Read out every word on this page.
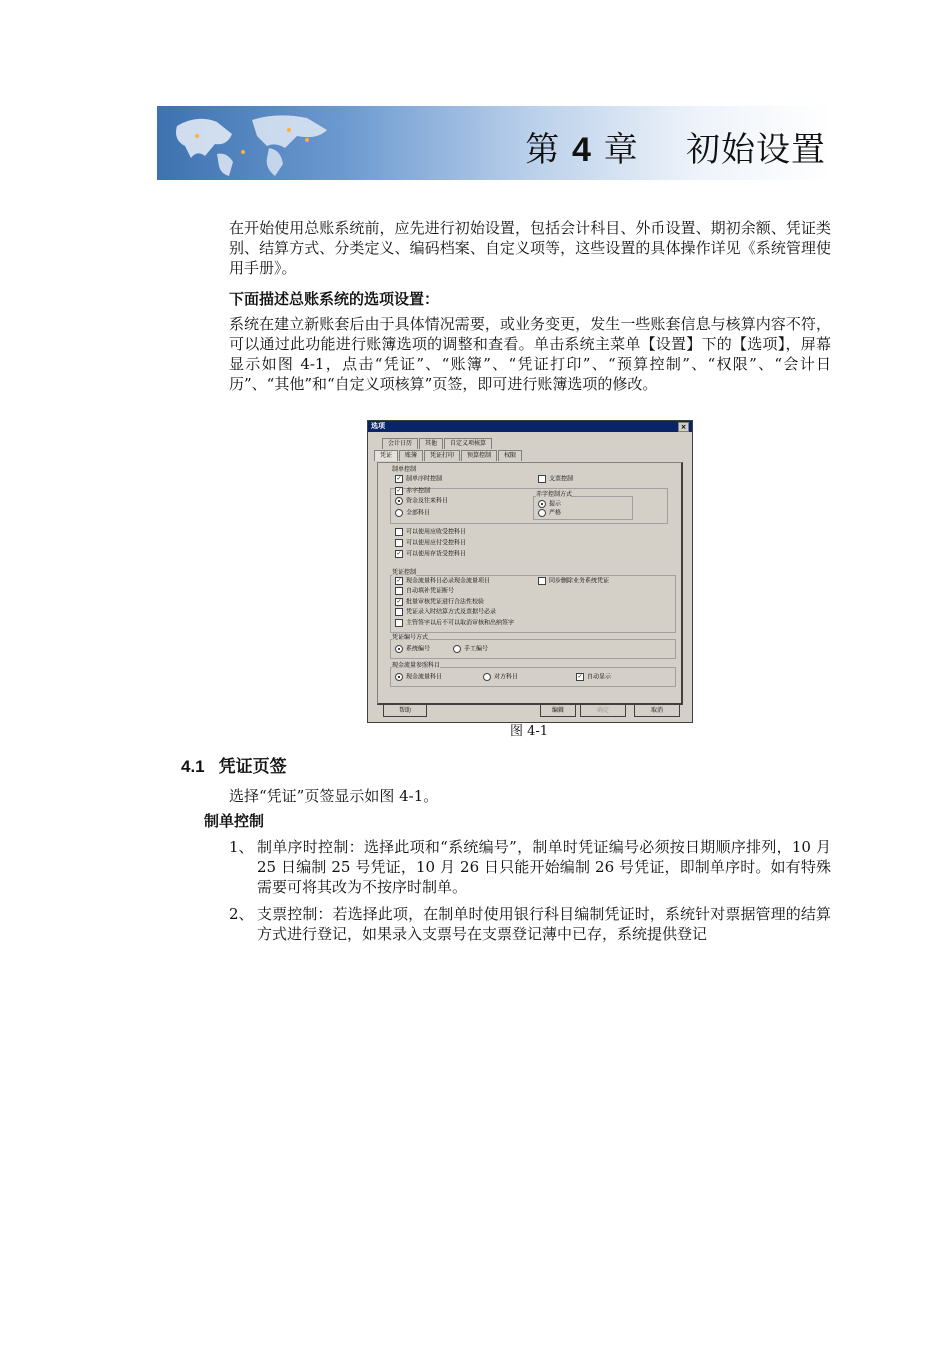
第 4 章 初始设置

在开始使用总账系统前，应先进行初始设置，包括会计科目、外币设置、期初余额、凭证类别、结算方式、分类定义、编码档案、自定义项等，这些设置的具体操作详见《系统管理使用手册》。

下面描述总账系统的选项设置：

系统在建立新账套后由于具体情况需要，或业务变更，发生一些账套信息与核算内容不符，可以通过此功能进行账簿选项的调整和查看。单击系统主菜单【设置】下的【选项】，屏幕显示如图 4-1，点击“凭证”、“账簿”、“凭证打印”、“预算控制”、“权限”、“会计日历”、“其他”和“自定义项核算”页签，即可进行账簿选项的修改。

选项	×
会计日历	其他	自定义项核算
凭证	账簿	凭证打印	预算控制	权限
制单控制
✓ 制单序时控制	支票控制
✓ 赤字控制
资金及往来科目
全部科目
赤字控制方式
提示
严格
可以使用应收受控科目
可以使用应付受控科目
✓ 可以使用存货受控科目
凭证控制
✓ 现金流量科目必录现金流量项目	同步删除业务系统凭证
自动填补凭证断号
✓ 批量审核凭证进行合法性校验
凭证录入时结算方式及票据号必录
主管签字以后不可以取消审核和出纳签字
凭证编号方式
系统编号	手工编号
现金流量参照科目
现金流量科目	对方科目	✓ 自动显示
帮助	编辑	确定	取消
图 4-1
4.1 凭证页签

选择“凭证”页签显示如图 4-1。

制单控制

1、 制单序时控制：选择此项和“系统编号”，制单时凭证编号必须按日期顺序排列，10 月 25 日编制 25 号凭证，10 月 26 日只能开始编制 26 号凭证，即制单序时。如有特殊需要可将其改为不按序时制单。
2、 支票控制：若选择此项，在制单时使用银行科目编制凭证时，系统针对票据管理的结算方式进行登记，如果录入支票号在支票登记薄中已存，系统提供登记
